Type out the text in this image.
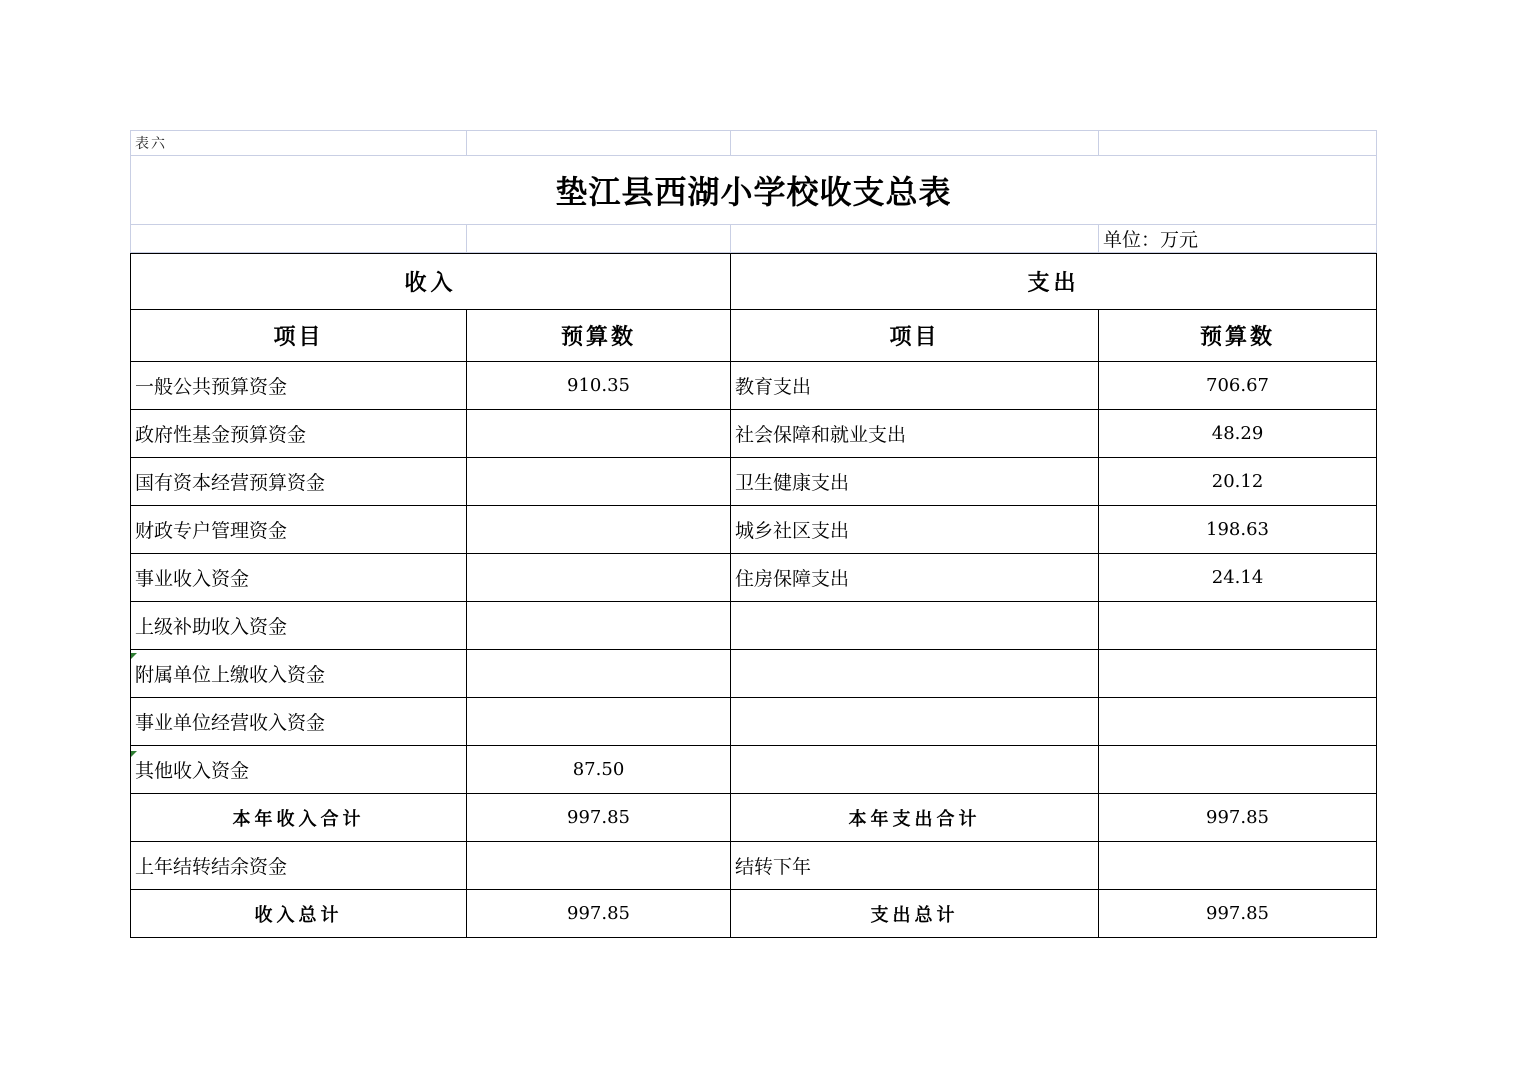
表六			
垫江县西湖小学校收支总表			
			单位：万元
收入		支出	
项目	预算数	项目	预算数
一般公共预算资金	910.35	教育支出	706.67
政府性基金预算资金		社会保障和就业支出	48.29
国有资本经营预算资金		卫生健康支出	20.12
财政专户管理资金		城乡社区支出	198.63
事业收入资金		住房保障支出	24.14
上级补助收入资金			
附属单位上缴收入资金			
事业单位经营收入资金			
其他收入资金	87.50		
本年收入合计	997.85	本年支出合计	997.85
上年结转结余资金		结转下年	
收入总计	997.85	支出总计	997.85
